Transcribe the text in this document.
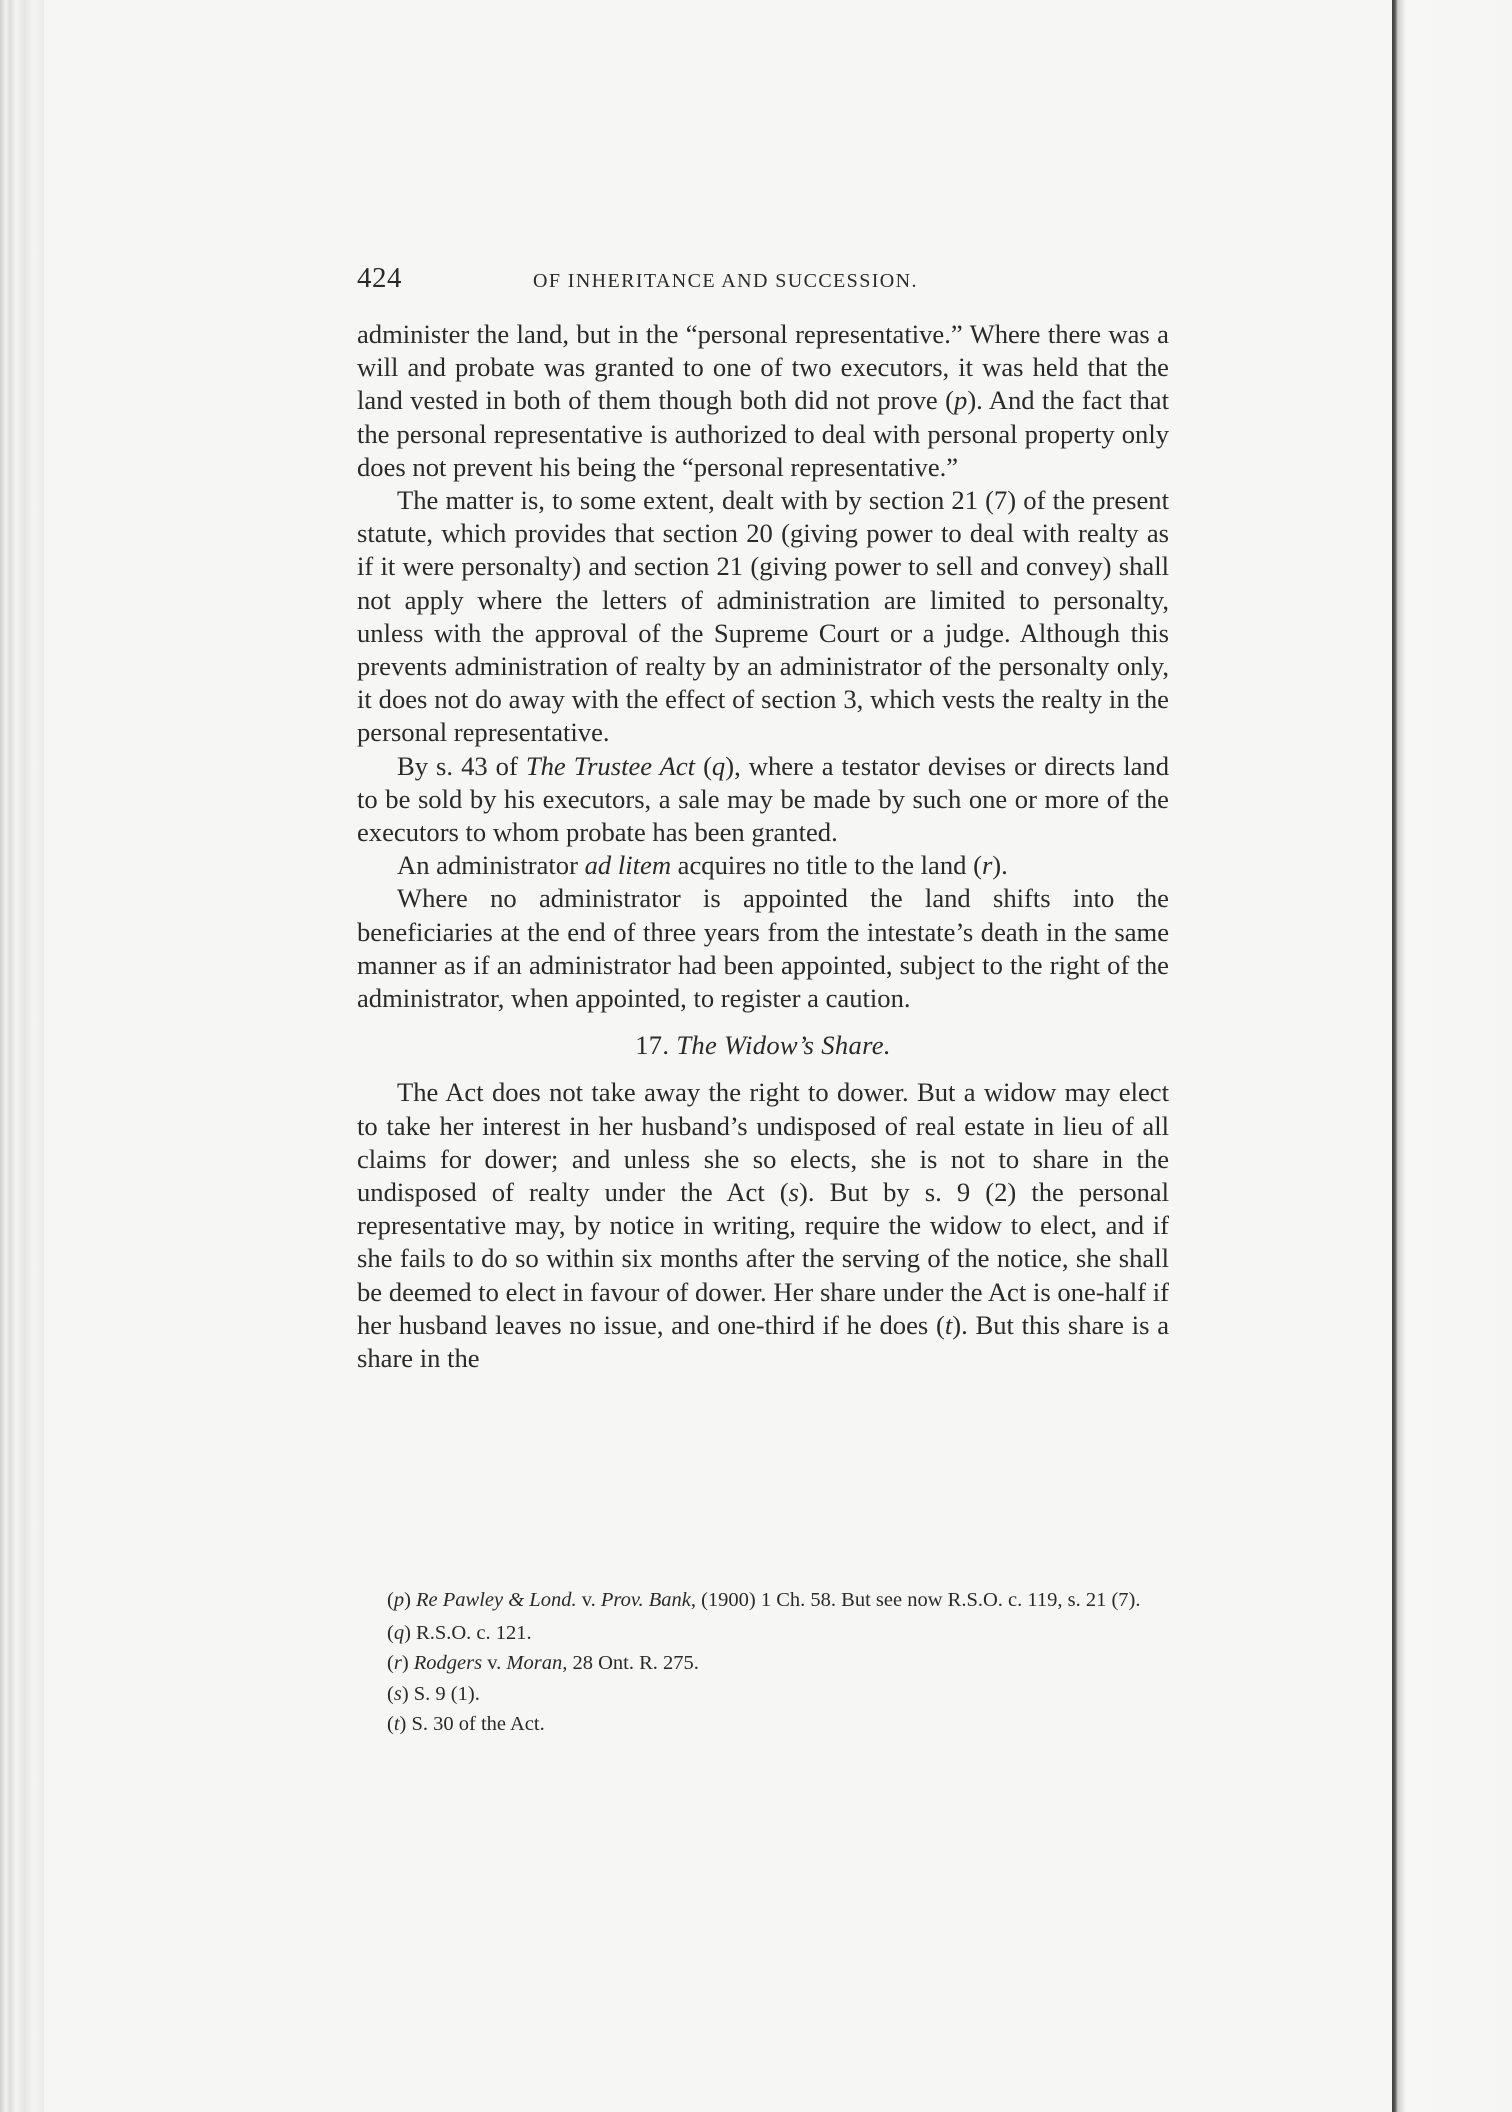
424	OF INHERITANCE AND SUCCESSION.

administer the land, but in the “personal representative.” Where there was a will and probate was granted to one of two executors, it was held that the land vested in both of them though both did not prove (p). And the fact that the personal representative is authorized to deal with personal property only does not prevent his being the “personal representative.”

The matter is, to some extent, dealt with by section 21 (7) of the present statute, which provides that section 20 (giving power to deal with realty as if it were personalty) and section 21 (giving power to sell and convey) shall not apply where the letters of administration are limited to personalty, unless with the approval of the Supreme Court or a judge. Although this prevents administration of realty by an administrator of the personalty only, it does not do away with the effect of section 3, which vests the realty in the personal representative.

By s. 43 of The Trustee Act (q), where a testator devises or directs land to be sold by his executors, a sale may be made by such one or more of the executors to whom probate has been granted.

An administrator ad litem acquires no title to the land (r).

Where no administrator is appointed the land shifts into the beneficiaries at the end of three years from the intestate’s death in the same manner as if an administrator had been appointed, subject to the right of the administrator, when appointed, to register a caution.

17. The Widow’s Share.

The Act does not take away the right to dower. But a widow may elect to take her interest in her husband’s undisposed of real estate in lieu of all claims for dower; and unless she so elects, she is not to share in the undisposed of realty under the Act (s). But by s. 9 (2) the personal representative may, by notice in writing, require the widow to elect, and if she fails to do so within six months after the serving of the notice, she shall be deemed to elect in favour of dower. Her share under the Act is one-half if her husband leaves no issue, and one-third if he does (t). But this share is a share in the

(p) Re Pawley & Lond. v. Prov. Bank, (1900) 1 Ch. 58. But see now R.S.O. c. 119, s. 21 (7).

(q) R.S.O. c. 121.

(r) Rodgers v. Moran, 28 Ont. R. 275.

(s) S. 9 (1).

(t) S. 30 of the Act.
